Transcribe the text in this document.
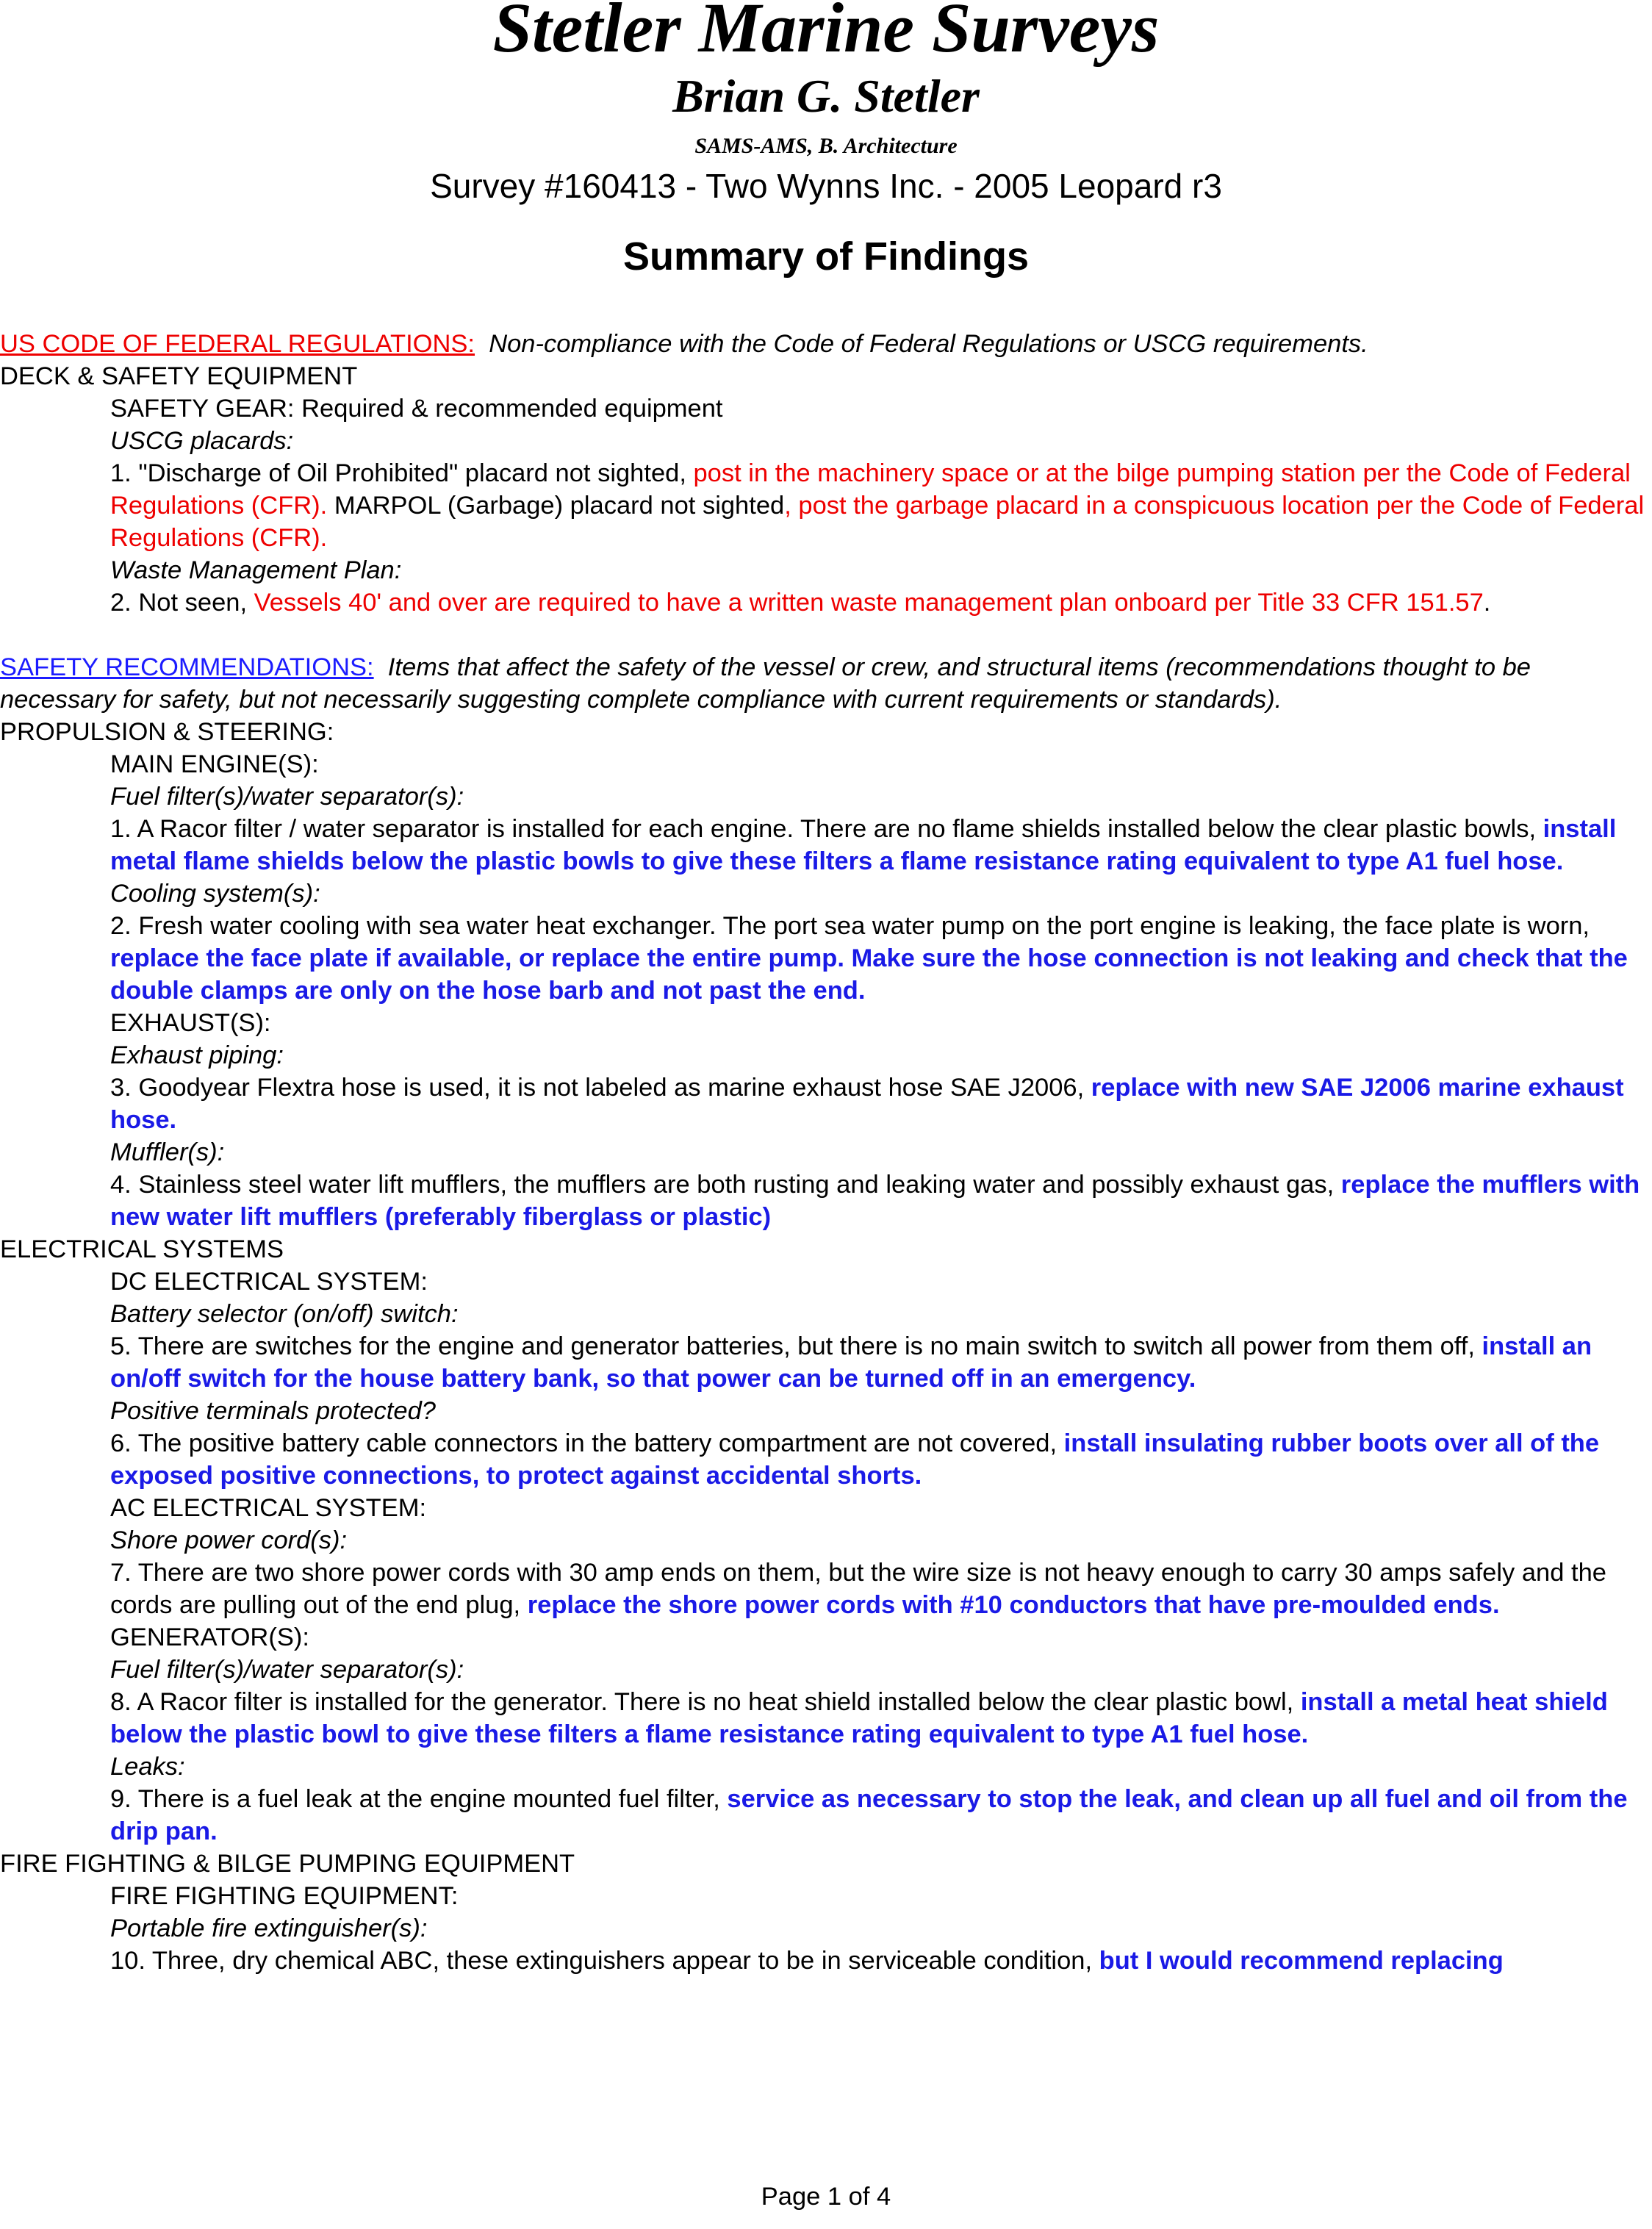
Stetler Marine Surveys
Brian G. Stetler
SAMS-AMS, B. Architecture
Survey #160413 - Two Wynns Inc. - 2005 Leopard r3
Summary of Findings

US CODE OF FEDERAL REGULATIONS: Non-compliance with the Code of Federal Regulations or USCG requirements.

DECK & SAFETY EQUIPMENT

SAFETY GEAR: Required & recommended equipment

USCG placards:

1. "Discharge of Oil Prohibited" placard not sighted, post in the machinery space or at the bilge pumping station per the Code of Federal Regulations (CFR). MARPOL (Garbage) placard not sighted, post the garbage placard in a conspicuous location per the Code of Federal Regulations (CFR).

Waste Management Plan:

2. Not seen, Vessels 40' and over are required to have a written waste management plan onboard per Title 33 CFR 151.57.

SAFETY RECOMMENDATIONS: Items that affect the safety of the vessel or crew, and structural items (recommendations thought to be necessary for safety, but not necessarily suggesting complete compliance with current requirements or standards).

PROPULSION & STEERING:

MAIN ENGINE(S):

Fuel filter(s)/water separator(s):

1. A Racor filter / water separator is installed for each engine. There are no flame shields installed below the clear plastic bowls, install metal flame shields below the plastic bowls to give these filters a flame resistance rating equivalent to type A1 fuel hose.

Cooling system(s):

2. Fresh water cooling with sea water heat exchanger. The port sea water pump on the port engine is leaking, the face plate is worn, replace the face plate if available, or replace the entire pump. Make sure the hose connection is not leaking and check that the double clamps are only on the hose barb and not past the end.

EXHAUST(S):

Exhaust piping:

3. Goodyear Flextra hose is used, it is not labeled as marine exhaust hose SAE J2006, replace with new SAE J2006 marine exhaust hose.

Muffler(s):

4. Stainless steel water lift mufflers, the mufflers are both rusting and leaking water and possibly exhaust gas, replace the mufflers with new water lift mufflers (preferably fiberglass or plastic)

ELECTRICAL SYSTEMS

DC ELECTRICAL SYSTEM:

Battery selector (on/off) switch:

5. There are switches for the engine and generator batteries, but there is no main switch to switch all power from them off, install an on/off switch for the house battery bank, so that power can be turned off in an emergency.

Positive terminals protected?

6. The positive battery cable connectors in the battery compartment are not covered, install insulating rubber boots over all of the exposed positive connections, to protect against accidental shorts.

AC ELECTRICAL SYSTEM:

Shore power cord(s):

7. There are two shore power cords with 30 amp ends on them, but the wire size is not heavy enough to carry 30 amps safely and the cords are pulling out of the end plug, replace the shore power cords with #10 conductors that have pre-moulded ends.

GENERATOR(S):

Fuel filter(s)/water separator(s):

8. A Racor filter is installed for the generator. There is no heat shield installed below the clear plastic bowl, install a metal heat shield below the plastic bowl to give these filters a flame resistance rating equivalent to type A1 fuel hose.

Leaks:

9. There is a fuel leak at the engine mounted fuel filter, service as necessary to stop the leak, and clean up all fuel and oil from the drip pan.

FIRE FIGHTING & BILGE PUMPING EQUIPMENT

FIRE FIGHTING EQUIPMENT:

Portable fire extinguisher(s):

10. Three, dry chemical ABC, these extinguishers appear to be in serviceable condition, but I would recommend replacing

Page 1 of 4
